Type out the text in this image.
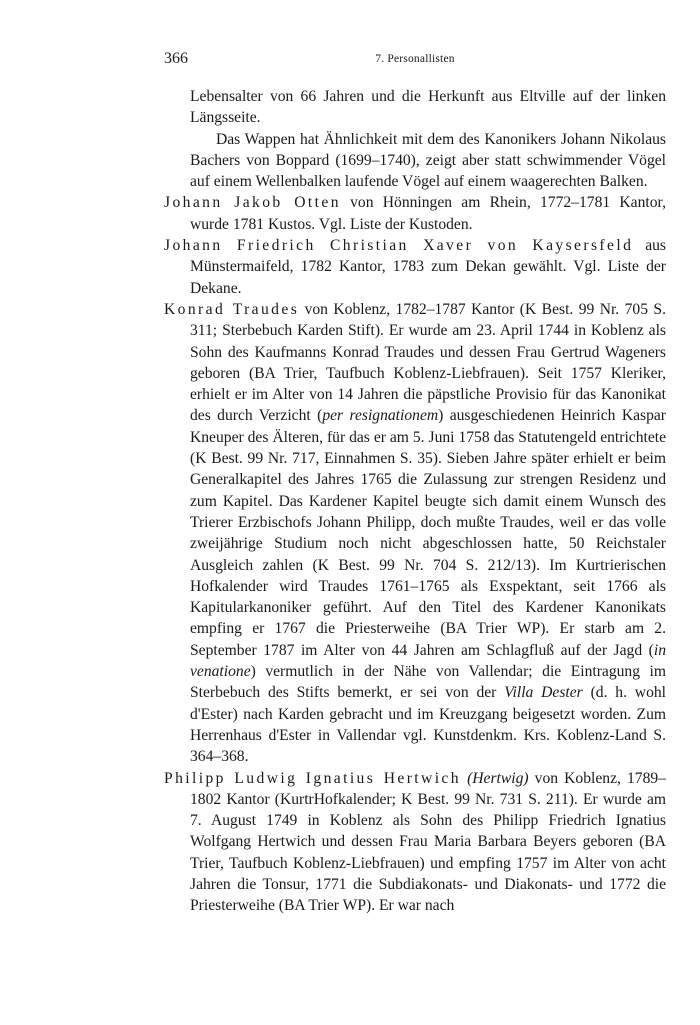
366	7. Personallisten

Lebensalter von 66 Jahren und die Herkunft aus Eltville auf der linken Längsseite.

Das Wappen hat Ähnlichkeit mit dem des Kanonikers Johann Nikolaus Bachers von Boppard (1699–1740), zeigt aber statt schwimmender Vögel auf einem Wellenbalken laufende Vögel auf einem waagerechten Balken.

Johann Jakob Otten von Hönningen am Rhein, 1772–1781 Kantor, wurde 1781 Kustos. Vgl. Liste der Kustoden.

Johann Friedrich Christian Xaver von Kaysersfeld aus Münstermaifeld, 1782 Kantor, 1783 zum Dekan gewählt. Vgl. Liste der Dekane.

Konrad Traudes von Koblenz, 1782–1787 Kantor (K Best. 99 Nr. 705 S. 311; Sterbebuch Karden Stift). Er wurde am 23. April 1744 in Koblenz als Sohn des Kaufmanns Konrad Traudes und dessen Frau Gertrud Wageners geboren (BA Trier, Taufbuch Koblenz-Liebfrauen). Seit 1757 Kleriker, erhielt er im Alter von 14 Jahren die päpstliche Provisio für das Kanonikat des durch Verzicht (per resignationem) ausgeschiedenen Heinrich Kaspar Kneuper des Älteren, für das er am 5. Juni 1758 das Statutengeld entrichtete (K Best. 99 Nr. 717, Einnahmen S. 35). Sieben Jahre später erhielt er beim Generalkapitel des Jahres 1765 die Zulassung zur strengen Residenz und zum Kapitel. Das Kardener Kapitel beugte sich damit einem Wunsch des Trierer Erzbischofs Johann Philipp, doch mußte Traudes, weil er das volle zweijährige Studium noch nicht abgeschlossen hatte, 50 Reichstaler Ausgleich zahlen (K Best. 99 Nr. 704 S. 212/13). Im Kurtrierischen Hofkalender wird Traudes 1761–1765 als Exspektant, seit 1766 als Kapitularkanoniker geführt. Auf den Titel des Kardener Kanonikats empfing er 1767 die Priesterweihe (BA Trier WP). Er starb am 2. September 1787 im Alter von 44 Jahren am Schlagfluß auf der Jagd (in venatione) vermutlich in der Nähe von Vallendar; die Eintragung im Sterbebuch des Stifts bemerkt, er sei von der Villa Dester (d. h. wohl d'Ester) nach Karden gebracht und im Kreuzgang beigesetzt worden. Zum Herrenhaus d'Ester in Vallendar vgl. Kunstdenkm. Krs. Koblenz-Land S. 364–368.

Philipp Ludwig Ignatius Hertwich (Hertwig) von Koblenz, 1789–1802 Kantor (KurtrHofkalender; K Best. 99 Nr. 731 S. 211). Er wurde am 7. August 1749 in Koblenz als Sohn des Philipp Friedrich Ignatius Wolfgang Hertwich und dessen Frau Maria Barbara Beyers geboren (BA Trier, Taufbuch Koblenz-Liebfrauen) und empfing 1757 im Alter von acht Jahren die Tonsur, 1771 die Subdiakonats- und Diakonats- und 1772 die Priesterweihe (BA Trier WP). Er war nach
